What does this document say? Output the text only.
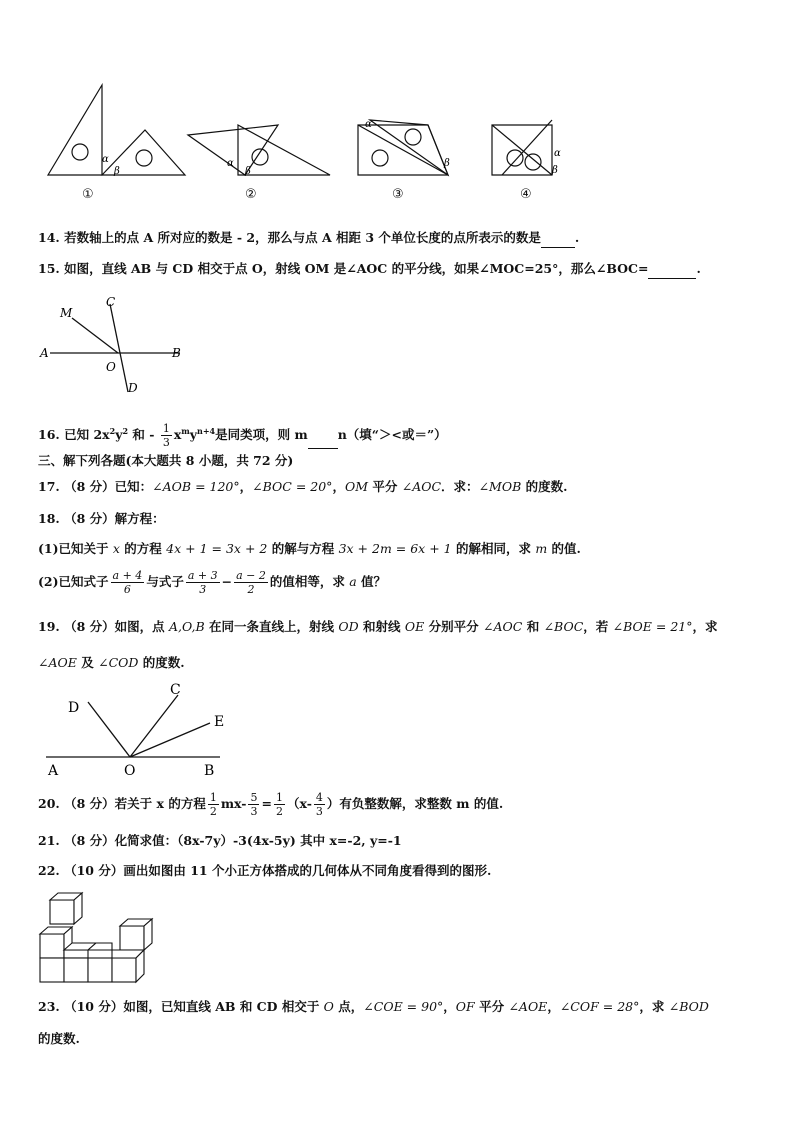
α
β
α
β
α
β
α
β
①	②	③	④
14. 若数轴上的点 A 所对应的数是 - 2，那么与点 A 相距 3 个单位长度的点所表示的数是	.
15. 如图，直线 AB 与 CD 相交于点 O，射线 OM 是∠AOC 的平分线，如果∠MOC=25°，那么∠BOC=	.
M
C
A	B
O
D
16. 已知 $2x^2y^2$ 和 - $\frac{1}{3} x^my^{n+4}$是同类项，则 m n（填“＞<或＝”）
三、解下列各题(本大题共 8 小题，共 72 分)
17. （8 分）已知：∠AOB = 120°，∠BOC = 20°，OM 平分 ∠AOC．求：∠MOB 的度数.
18. （8 分）解方程：
(1)已知关于 x 的方程 4x + 1 = 3x + 2 的解与方程 3x + 2m = 6x + 1 的解相同，求 m 的值.
(2)已知式子 $\frac{a + 4}{6}$ 与式子 $\frac{a + 3}{3} - \frac{a - 2}{2}$ 的值相等，求 a 值？
19. （8 分）如图，点 A,O,B 在同一条直线上，射线 OD 和射线 OE 分别平分 ∠AOC 和 ∠BOC，若 ∠BOE = 21°，求
∠AOE 及 ∠COD 的度数.
D
C
E
A	O	B
20. （8 分）若关于 x 的方程 $\frac{1}{2} mx- \frac{5}{3} = \frac{1}{2} (x- \frac{4}{3}$ ）有负整数解，求整数 m 的值.
21. （8 分）化简求值：（8x-7y）-3(4x-5y) 其中 x=-2, y=-1
22. （10 分）画出如图由 11 个小正方体搭成的几何体从不同角度看得到的图形.
23. （10 分）如图，已知直线 AB 和 CD 相交于 O 点，∠COE = 90°，OF 平分 ∠AOE，∠COF = 28°，求 ∠BOD
的度数.
